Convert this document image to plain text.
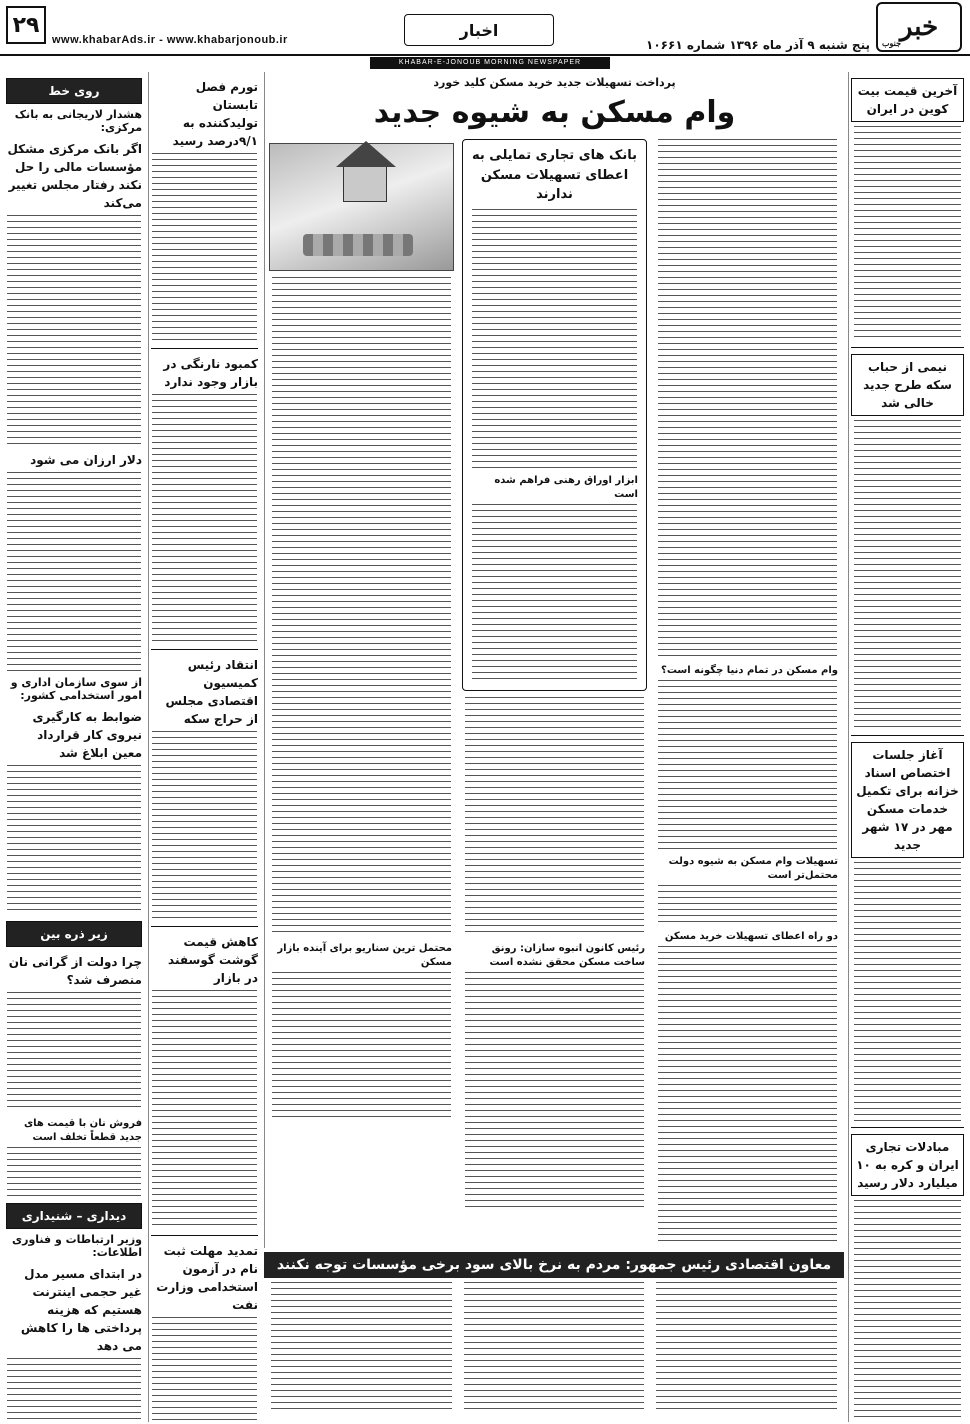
۲۹
www.khabarAds.ir - www.khabarjonoub.ir
اخبار
پنج شنبه ۹ آذر ماه ۱۳۹۶ شماره ۱۰۶۶۱
خبر
جنوب
KHABAR-E-JONOUB MORNING NEWSPAPER
آخرین قیمت بیت کوین در ایران
نیمی از حباب سکه طرح جدید خالی شد
آغاز جلسات اختصاص اسناد خزانه برای تکمیل خدمات مسکن مهر در ۱۷ شهر جدید
مبادلات تجاری ایران و کره به ۱۰ میلیارد دلار رسید
پرداخت تسهیلات جدید خرید مسکن کلید خورد
وام مسکن به شیوه جدید
وام مسکن در تمام دنیا چگونه است؟
تسهیلات وام مسکن به شیوه دولت محتمل‌تر است
دو راه اعطای تسهیلات خرید مسکن
بانک های تجاری تمایلی به اعطای تسهیلات مسکن ندارند
ابزار اوراق رهنی فراهم شده است
رئیس کانون انبوه سازان: رونق ساخت مسکن محقق نشده است
محتمل ترین سناریو برای آینده بازار مسکن
معاون اقتصادی رئیس جمهور: مردم به نرخ بالای سود برخی مؤسسات توجه نکنند
تورم فصل تابستان تولیدکننده به ۹/۱درصد رسید
کمبود نارنگی در بازار وجود ندارد
انتقاد رئیس کمیسیون اقتصادی مجلس از حراج سکه
کاهش قیمت گوشت گوسفند در بازار
تمدید مهلت ثبت نام در آزمون استخدامی وزارت نفت
روی خط
هشدار لاریجانی به بانک مرکزی:
اگر بانک مرکزی مشکل مؤسسات مالی را حل نکند رفتار مجلس تغییر می‌کند
دلار ارزان می شود
از سوی سازمان اداری و امور استخدامی کشور:
ضوابط به کارگیری نیروی کار قرارداد معین ابلاغ شد
زیر ذره بین
چرا دولت از گرانی نان منصرف شد؟
فروش نان با قیمت های جدید قطعاً تخلف است
دیداری – شنیداری
وزیر ارتباطات و فناوری اطلاعات:
در ابتدای مسیر مدل غیر حجمی اینترنت هستیم که هزینه پرداختی ها را کاهش می دهد
